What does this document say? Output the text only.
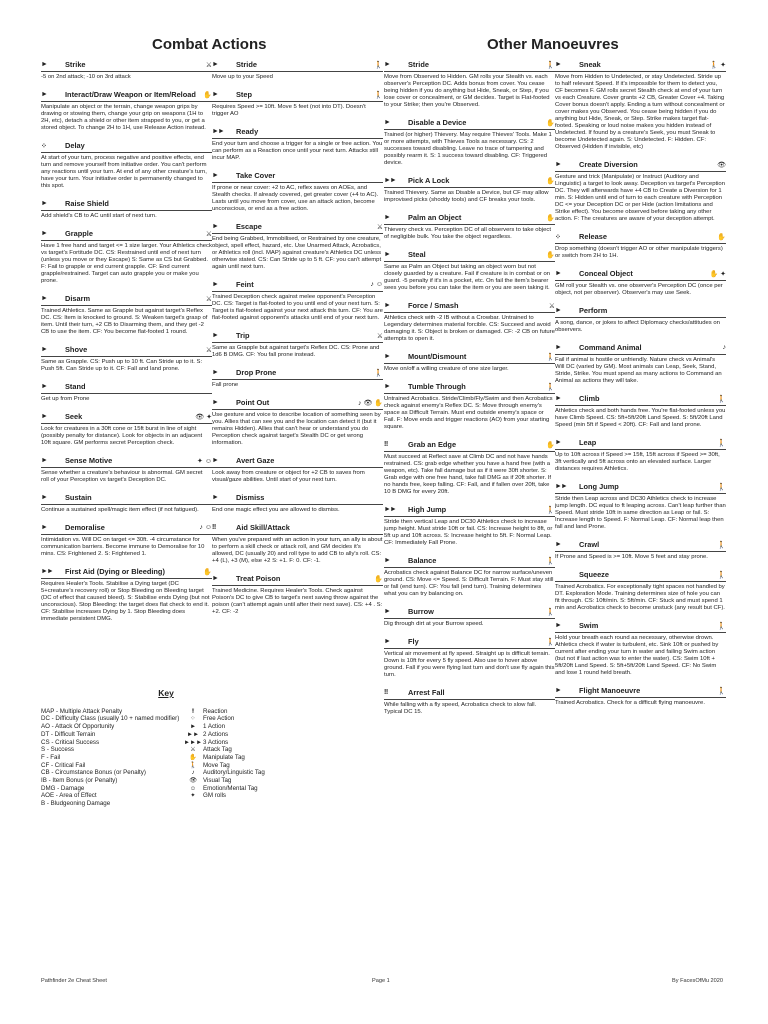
Combat Actions	Other Manoeuvres
►	Strike	⚔
-5 on 2nd attack; -10 on 3rd attack
►	Interact/Draw Weapon or Item/Reload	✋
Manipulate an object or the terrain, change weapon grips by drawing or stowing them, change your grip on weapons (1H to 2H, etc), detach a shield or other item strapped to you, or get a stored object. To change 2H to 1H, use Release Action instead.
⁘	Delay
At start of your turn, process negative and positive effects, end turn and remove yourself from initiative order. You can't perform any reactions until your turn. At end of any other creature's turn, have your turn. Your initiative order is permanently changed to this spot.
►	Raise Shield
Add shield's CB to AC until start of next turn.
►	Grapple	⚔
Have 1 free hand and target <= 1 size larger. Your Athletics check vs target's Fortitude DC. CS: Restrained until end of next turn (unless you move or they Escape) S: Same as CS but Grabbed. F: Fail to grapple or end current grapple. CF: End current grapple/restrained. Target can auto grapple you or make you prone.
►	Disarm	⚔
Trained Athletics. Same as Grapple but against target's Reflex DC. CS: Item is knocked to ground. S: Weaken target's grasp of item. Until their turn, +2 CB to Disarming them, and they get -2 CB to use the item. CF: You become flat-footed 1 round.
►	Shove	⚔
Same as Grapple. CS: Push up to 10 ft. Can Stride up to it. S: Push 5ft. Can Stride up to it. CF: Fall and land prone.
►	Stand
Get up from Prone
►	Seek	👁 ✦
Look for creatures in a 30ft cone or 15ft burst in line of sight (possibly penalty for distance). Look for objects in an adjacent 10ft square. GM performs secret Perception check.
►	Sense Motive	✦ ☺
Sense whether a creature's behaviour is abnormal. GM secret roll of your Perception vs target's Deception DC.
►	Sustain
Continue a sustained spell/magic item effect (if not fatigued).
►	Demoralise	♪ ☺
Intimidation vs. Will DC on target <= 30ft. -4 circumstance for communication barriers. Become immune to Demoralise for 10 mins. CS: Frightened 2. S: Frightened 1.
►►	First Aid (Dying or Bleeding)	✋
Requires Healer's Tools. Stabilise a Dying target (DC 5+creature's recovery roll) or Stop Bleeding on Bleeding target (DC of effect that caused bleed). S: Stabilise ends Dying (but not unconscious). Stop Bleeding: the target does flat check to end it. CF: Stabilise increases Dying by 1. Stop Bleeding does immediate persistent DMG.
►	Stride	🚶
Move up to your Speed
►	Step	🚶
Requires Speed >= 10ft. Move 5 feet (not into DT). Doesn't trigger AO
►►	Ready
End your turn and choose a trigger for a single or free action. You can perform as a Reaction once until your next turn. Attacks still incur MAP.
►	Take Cover
If prone or near cover: +2 to AC, reflex saves on AOEs, and Stealth checks. If already covered, get greater cover (+4 to AC). Lasts until you move from cover, use an attack action, become unconscious, or end as a free action.
►	Escape	⚔
End being Grabbed, Immobilised, or Restrained by one creature, object, spell effect, hazard, etc. Use Unarmed Attack, Acrobatics, or Athletics roll (incl. MAP) against creature's Athletics DC unless otherwise stated. CS: Can Stride up to 5 ft. CF: you can't attempt again until next turn.
►	Feint	♪ ☺
Trained Deception check against melee opponent's Perception DC. CS: Target is flat-footed to you until end of your next turn. S: Target is flat-footed against your next attack this turn. CF: You are flat-footed against opponent's attacks until end of your next turn.
►	Trip	⚔
Same as Grapple but against target's Reflex DC. CS: Prone and 1d6 B DMG. CF: You fall prone instead.
►	Drop Prone	🚶
Fall prone
►	Point Out	♪ 👁 ✋
Use gesture and voice to describe location of something seen by you. Allies that can see you and the location can detect it (but it remains Hidden). Allies that can't hear or understand you do Perception check against target's Stealth DC or get wrong information.
►	Avert Gaze
Look away from creature or object for +2 CB to saves from visual/gaze abilities. Until start of your next turn.
►	Dismiss
End one magic effect you are allowed to dismiss.
‼	Aid Skill/Attack
When you've prepared with an action in your turn, an ally is about to perform a skill check or attack roll, and GM decides it's allowed, DC (usually 20) and roll type to add CB to ally's roll. CS: +4 (L), +3 (M), else +2 S: +1. F: 0. CF: -1.
►	Treat Poison	✋
Trained Medicine. Requires Healer's Tools. Check against Poison's DC to give CB to target's next saving throw against the poison (can't attempt again until after their next save). CS: +4 . S: +2. CF: -2
►	Stride	🚶
Move from Observed to Hidden. GM rolls your Stealth vs. each observer's Perception DC. Adds bonus from cover. You cease being hidden if you do anything but Hide, Sneak, or Step, if you lose cover or concealment, or GM decides. Target is Flat-footed to your Strike; then you're Observed.
►	Disable a Device	✋
Trained (or higher) Thievery. May require Thieves' Tools. Make 1 or more attempts, with Thieves Tools as necessary. CS: 2 successes toward disabling. Leave no trace of tampering and possibly rearm it. S: 1 success toward disabling. CF: Triggered device.
►►	Pick A Lock	✋
Trained Thievery. Same as Disable a Device, but CF may allow improvised picks (shoddy tools) and CF breaks your tools.
►	Palm an Object	✋
Thievery check vs. Perception DC of all observers to take object of negligible bulk. You take the object regardless.
►	Steal	✋
Same as Palm an Object but taking an object worn but not closely guarded by a creature. Fail if creature is in combat or on guard. -5 penalty if it's in a pocket, etc. On fail the item's bearer sees you before you can take the item or you are seen taking it.
►	Force / Smash	⚔
Athletics check with -2 IB without a Crowbar. Untrained to Legendary determines material forcible. CS: Succeed and avoid damaging it. S: Object is broken or damaged. CF: -2 CB on future attempts to open it.
►	Mount/Dismount	🚶
Move on/off a willing creature of one size larger.
►	Tumble Through	🚶
Untrained Acrobatics. Stride/Climb/Fly/Swim and then Acrobatics check against enemy's Reflex DC. S: Move through enemy's space as Difficult Terrain. Must end outside enemy's space or Fail. F: Move ends and trigger reactions (AO) from your starting square.
‼	Grab an Edge	✋
Must succeed at Reflect save at Climb DC and not have hands restrained. CS: grab edge whether you have a hand free (with a weapon, etc). Take fall damage but as if it were 30ft shorter. S: Grab edge with one free hand, take fall DMG as if 20ft shorter. If no hands free, keep falling. CF: Fall, and if fallen over 20ft, take 10 B DMG for every 20ft.
►►	High Jump	🚶
Stride then vertical Leap and DC30 Athletics check to increase jump height. Must stride 10ft or fail. CS: Increase height to 8ft, or 5ft up and 10ft across. S: Increase height to 5ft. F: Normal Leap. CF: Immediately Fall Prone.
►	Balance	🚶
Acrobatics check against Balance DC for narrow surface/uneven ground. CS: Move <= Speed. S: Difficult Terrain. F: Must stay still or fall (end turn). CF: You fall (end turn). Training determines what you can try balancing on.
►	Burrow	🚶
Dig through dirt at your Burrow speed.
►	Fly	🚶
Vertical air movement at fly speed. Straight up is difficult terrain. Down is 10ft for every 5 fly speed. Also use to hover above ground. Fall if you were flying last turn and don't use fly again this turn.
‼	Arrest Fall
While falling with a fly speed, Acrobatics check to slow fall. Typical DC 15.
►	Sneak	🚶 ✦
Move from Hidden to Undetected, or stay Undetected. Stride up to half relevant Speed. If it's impossible for them to detect you, CF becomes F. GM rolls secret Stealth check at end of your turn vs each Creature. Cover grants +2 CB, Greater Cover +4. Taking Cover bonus doesn't apply. Ending a turn without concealment or cover makes you Observed. You cease being hidden if you do anything but Hide, Sneak, or Step. Strike makes target flat-footed. Speaking or loud noise makes you hidden instead of Undetected. If found by a creature's Seek, you must Sneak to become Undetected again. S: Undetected. F: Hidden. CF: Observed (Hidden if invisible, etc)
►	Create Diversion	👁
Gesture and trick (Manipulate) or Instruct (Auditory and Linguistic) a target to look away. Deception vs target's Perception DC. They will afterwards have +4 CB to Create a Diversion for 1 min. S: Hidden until end of turn to each creature with Perception DC <= your Deception DC or per Hide (action limitations and Strike effect). You become observed before taking any other action. F: The creatures are aware of your deception attempt.
⁘	Release	✋
Drop something (doesn't trigger AO or other manipulate triggers) or switch from 2H to 1H.
►	Conceal Object	✋ ✦
GM roll your Stealth vs. one observer's Perception DC (once per object, not per observer). Observer's may use Seek.
►	Perform
A song, dance, or jokes to affect Diplomacy checks/attitudes on observers.
►	Command Animal	♪
Fail if animal is hostile or unfriendly. Nature check vs Animal's Will DC (varied by GM). Most animals can Leap, Seek, Stand, Stride, Strike. You must spend as many actions to Command an Animal as actions they will take.
►	Climb	🚶
Athletics check and both hands free. You're flat-footed unless you have Climb Speed. CS: 5ft+5ft/20ft Land Speed. S: 5ft/20ft Land Speed (min 5ft if Speed < 20ft). CF: Fall and land prone.
►	Leap	🚶
Up to 10ft across if Speed >= 15ft, 15ft across if Speed >= 30ft, 3ft vertically and 5ft across onto an elevated surface. Larger distances requires Athletics.
►►	Long Jump	🚶
Stride then Leap across and DC30 Athletics check to increase jump length. DC equal to ft leaping across. Can't leap further than Speed. Must stride 10ft in same direction as Leap or fail. S: Increase length to Speed. F: Normal Leap. CF: Normal leap then fall and land Prone.
►	Crawl	🚶
If Prone and Speed is >= 10ft. Move 5 feet and stay prone.
Squeeze	🚶
Trained Acrobatics. For exceptionally tight spaces not handled by DT. Exploration Mode. Training determines size of hole you can fit through. CS: 10ft/min. S: 5ft/min. CF: Stuck and must spend 1 min and Acrobatics check to become unstuck (any result but CF).
►	Swim	🚶
Hold your breath each round as necessary, otherwise drown. Athletics check if water is turbulent, etc. Sink 10ft or pushed by current after ending your turn in water and failing Swim action (but not if last action was to enter the water). CS: Swim 10ft + 5ft/20ft Land Speed. S: 5ft+5ft/20ft Land Speed. CF: No Swim and lose 1 round held breath.
►	Flight Manoeuvre	🚶
Trained Acrobatics. Check for a difficult flying manoeuvre.
Key
MAP - Multiple Attack Penalty
DC - Difficulty Class (usually 10 + named modifier)
AO - Attack Of Opportunity
DT - Difficult Terrain
CS - Critical Success
S - Success
F - Fail
CF - Critical Fail
CB - Circumstance Bonus (or Penalty)
IB - Item Bonus (or Penalty)
DMG - Damage
AOE - Area of Effect
B - Bludgeoning Damage
‼	Reaction
⁘	Free Action
►	1 Action
►► 2 Actions
►►► 3 Actions
⚔	Attack Tag
✋ Manipulate Tag
🚶 Move Tag
♪	Auditory/Linguistic Tag
👁 Visual Tag
☺	Emotion/Mental Tag
✦	GM rolls
Pathfinder 2e Cheat Sheet	Page 1	By FacesOfMu 2020
